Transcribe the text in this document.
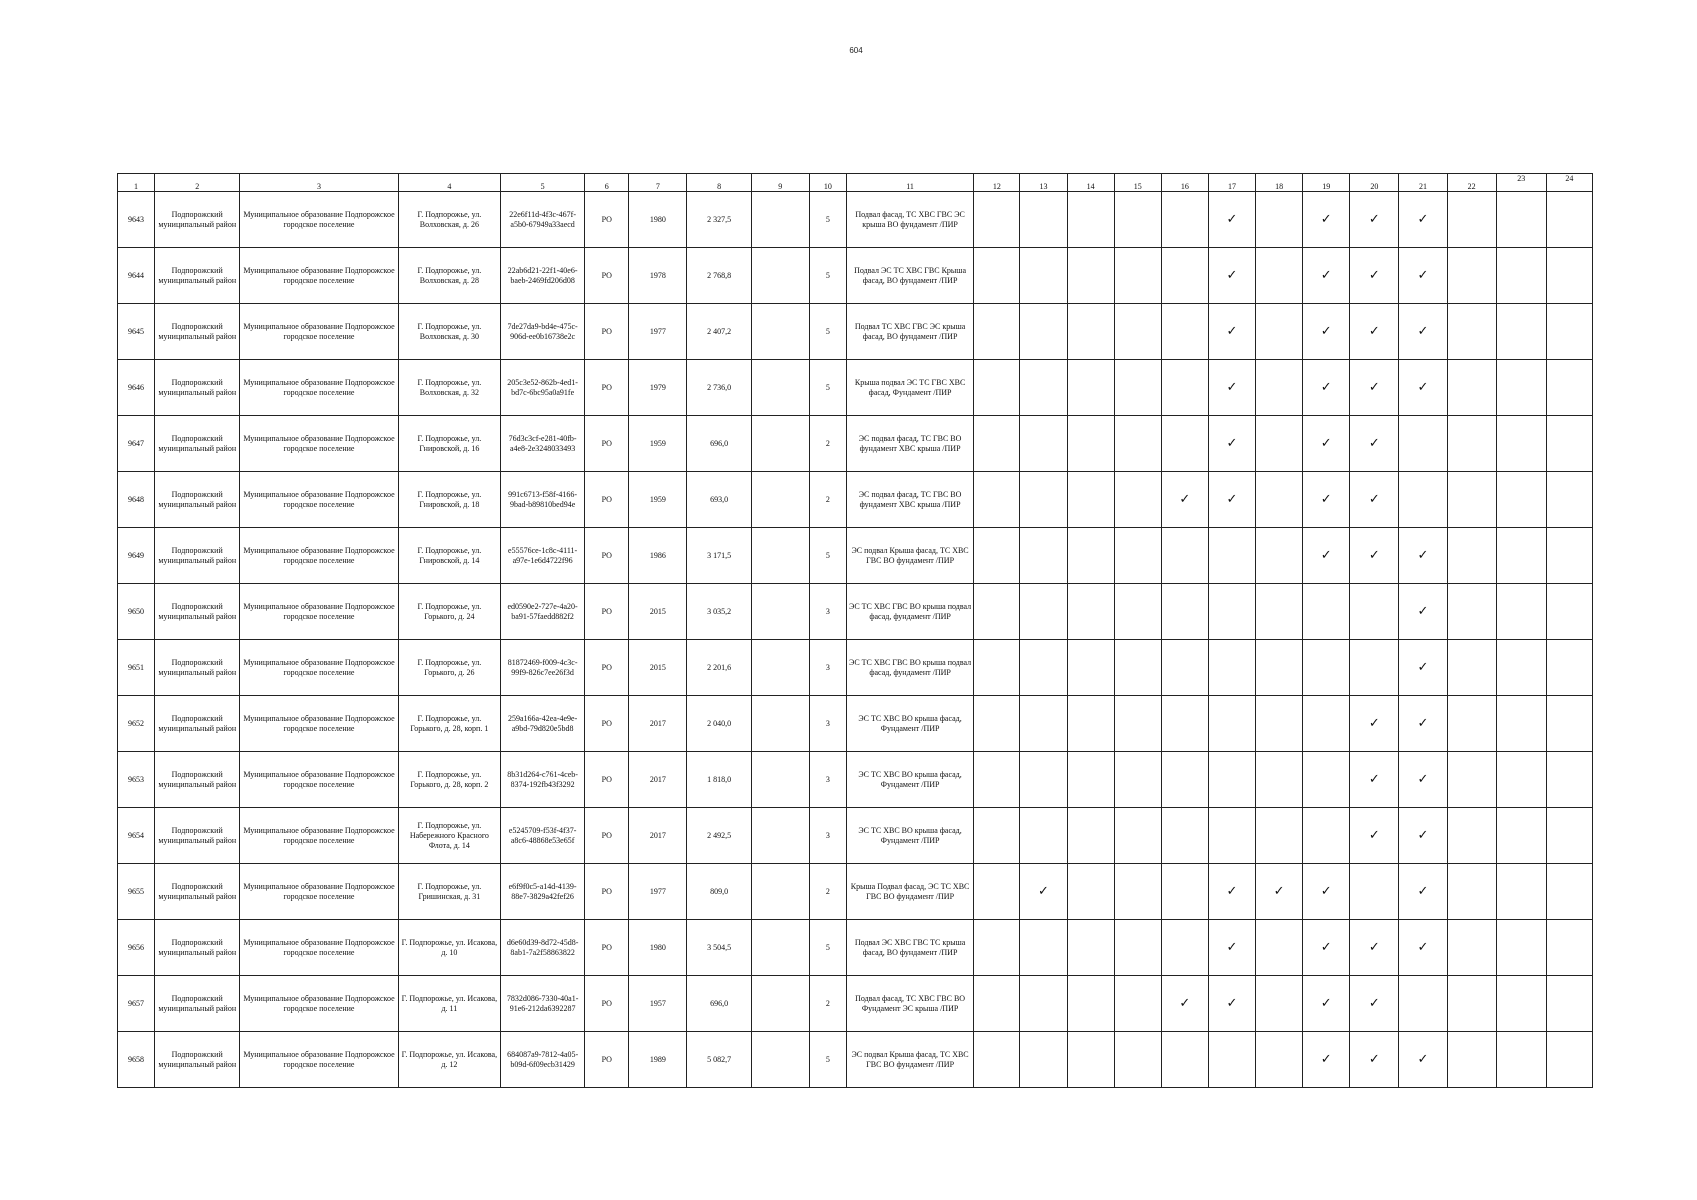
604
1	2	3	4	5	6	7	8	9	10	11	12	13	14	15	16	17	18	19	20	21	22	23	24
9643	Подпорожский муниципальный район	Муниципальное образование Подпорожское городское поселение	Г. Подпорожье, ул. Волховская, д. 26	22e6f11d-4f3c-467f-a5b0-67949a33aecd	РО	1980	2 327,5		5	Подвал фасад, ТС ХВС ГВС ЭС крыша ВО фундамент /ПИР						✓		✓	✓	✓			
9644	Подпорожский муниципальный район	Муниципальное образование Подпорожское городское поселение	Г. Подпорожье, ул. Волховская, д. 28	22ab6d21-22f1-40e6-baeb-2469fd206d08	РО	1978	2 768,8		5	Подвал ЭС ТС ХВС ГВС Крыша фасад, ВО фундамент /ПИР						✓		✓	✓	✓			
9645	Подпорожский муниципальный район	Муниципальное образование Подпорожское городское поселение	Г. Подпорожье, ул. Волховская, д. 30	7de27da9-bd4e-475c-906d-ee0b16738e2c	РО	1977	2 407,2		5	Подвал ТС ХВС ГВС ЭС крыша фасад, ВО фундамент /ПИР						✓		✓	✓	✓			
9646	Подпорожский муниципальный район	Муниципальное образование Подпорожское городское поселение	Г. Подпорожье, ул. Волховская, д. 32	205c3e52-862b-4ed1-bd7c-6bc95a0a91fe	РО	1979	2 736,0		5	Крыша подвал ЭС ТС ГВС ХВС фасад, Фундамент /ПИР						✓		✓	✓	✓			
9647	Подпорожский муниципальный район	Муниципальное образование Подпорожское городское поселение	Г. Подпорожье, ул. Гнировской, д. 16	76d3c3cf-e281-40fb-a4e8-2e3248033493	РО	1959	696,0		2	ЭС подвал фасад, ТС ГВС ВО фундамент ХВС крыша /ПИР						✓		✓	✓				
9648	Подпорожский муниципальный район	Муниципальное образование Подпорожское городское поселение	Г. Подпорожье, ул. Гнировской, д. 18	991c6713-f58f-4166-9bad-b89810bed94e	РО	1959	693,0		2	ЭС подвал фасад, ТС ГВС ВО фундамент ХВС крыша /ПИР					✓	✓		✓	✓				
9649	Подпорожский муниципальный район	Муниципальное образование Подпорожское городское поселение	Г. Подпорожье, ул. Гнировской, д. 14	e55576ce-1c8c-4111-a97e-1e6d4722f96	РО	1986	3 171,5		5	ЭС подвал Крыша фасад, ТС ХВС ГВС ВО фундамент /ПИР								✓	✓	✓			
9650	Подпорожский муниципальный район	Муниципальное образование Подпорожское городское поселение	Г. Подпорожье, ул. Горького, д. 24	ed0590e2-727e-4a20-ba91-57faedd882f2	РО	2015	3 035,2		3	ЭС ТС ХВС ГВС ВО крыша подвал фасад, фундамент /ПИР										✓			
9651	Подпорожский муниципальный район	Муниципальное образование Подпорожское городское поселение	Г. Подпорожье, ул. Горького, д. 26	81872469-f009-4c3c-99f9-826c7ee26f3d	РО	2015	2 201,6		3	ЭС ТС ХВС ГВС ВО крыша подвал фасад, фундамент /ПИР										✓			
9652	Подпорожский муниципальный район	Муниципальное образование Подпорожское городское поселение	Г. Подпорожье, ул. Горького, д. 28, корп. 1	259a166a-42ea-4e9e-a9bd-79d820e5bd8	РО	2017	2 040,0		3	ЭС ТС ХВС ВО крыша фасад, Фундамент /ПИР									✓	✓			
9653	Подпорожский муниципальный район	Муниципальное образование Подпорожское городское поселение	Г. Подпорожье, ул. Горького, д. 28, корп. 2	8b31d264-c761-4ceb-8374-192fb43f3292	РО	2017	1 818,0		3	ЭС ТС ХВС ВО крыша фасад, Фундамент /ПИР									✓	✓			
9654	Подпорожский муниципальный район	Муниципальное образование Подпорожское городское поселение	Г. Подпорожье, ул. Набережного Красного Флота, д. 14	e5245709-f53f-4f37-a8c6-48868e53e65f	РО	2017	2 492,5		3	ЭС ТС ХВС ВО крыша фасад, Фундамент /ПИР									✓	✓			
9655	Подпорожский муниципальный район	Муниципальное образование Подпорожское городское поселение	Г. Подпорожье, ул. Гришинская, д. 31	e6f9f0c5-a14d-4139-88e7-3829a42fef26	РО	1977	809,0		2	Крыша Подвал фасад, ЭС ТС ХВС ГВС ВО фундамент /ПИР		✓				✓	✓	✓		✓			
9656	Подпорожский муниципальный район	Муниципальное образование Подпорожское городское поселение	Г. Подпорожье, ул. Исакова, д. 10	d6e60d39-8d72-45d8-8ab1-7a2f58863822	РО	1980	3 504,5		5	Подвал ЭС ХВС ГВС ТС крыша фасад, ВО фундамент /ПИР						✓		✓	✓	✓			
9657	Подпорожский муниципальный район	Муниципальное образование Подпорожское городское поселение	Г. Подпорожье, ул. Исакова, д. 11	7832d086-7330-40a1-91e6-212da6392287	РО	1957	696,0		2	Подвал фасад, ТС ХВС ГВС ВО Фундамент ЭС крыша /ПИР					✓	✓		✓	✓				
9658	Подпорожский муниципальный район	Муниципальное образование Подпорожское городское поселение	Г. Подпорожье, ул. Исакова, д. 12	684087a9-7812-4a05-b09d-6f09ecb31429	РО	1989	5 082,7		5	ЭС подвал Крыша фасад, ТС ХВС ГВС ВО фундамент /ПИР								✓	✓	✓			
